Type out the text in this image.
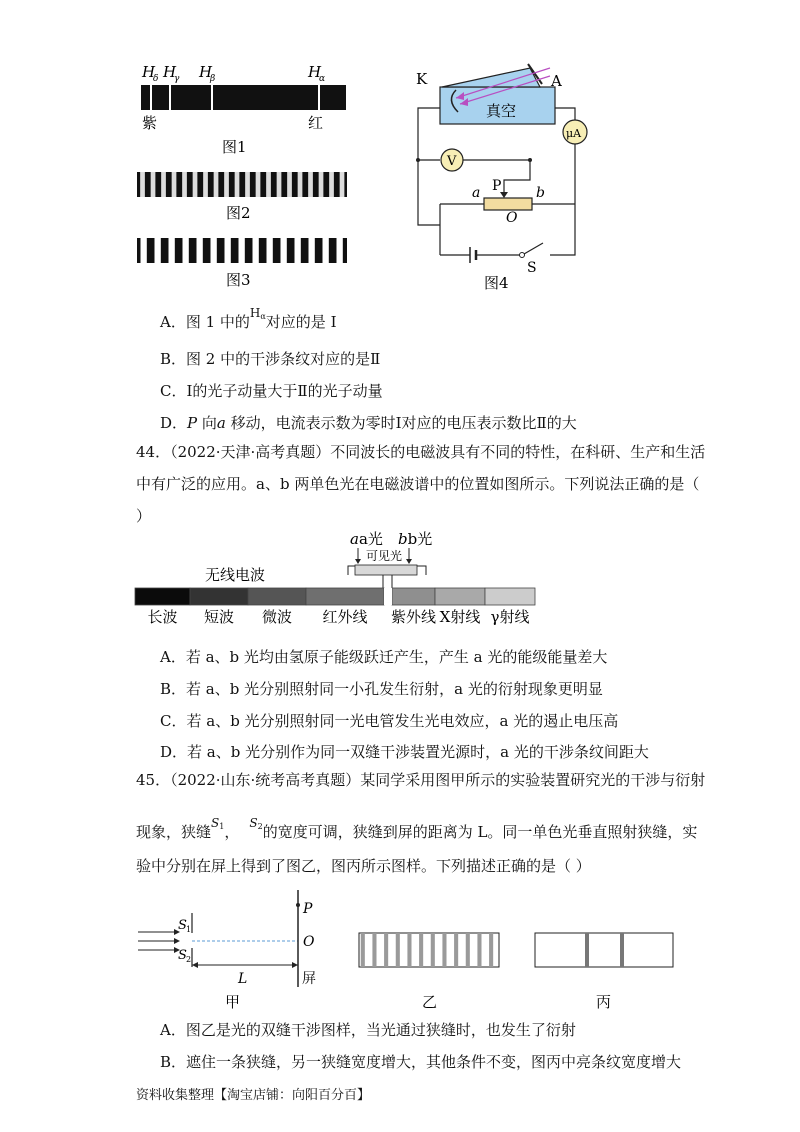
H
δ H
γ H
β	H
α
紫	红
图1
图2
图3
K	A
真空
μA
V
a P b
O
S
图4
A．图 1 中的$^{H\alpha}$对应的是 I
B．图 2 中的干涉条纹对应的是Ⅱ
C．Ⅰ的光子动量大于Ⅱ的光子动量
D．P 向a 移动，电流表示数为零时Ⅰ对应的电压表示数比Ⅱ的大
44．（2022·天津·高考真题）不同波长的电磁波具有不同的特性，在科研、生产和生活
中有广泛的应用。a、b 两单色光在电磁波谱中的位置如图所示。下列说法正确的是（
）
aa光 bb光
可见光
无线电波
长波 短波 微波 红外线 紫外线 X射线 γ射线
A．若 a、b 光均由氢原子能级跃迁产生，产生 a 光的能级能量差大
B．若 a、b 光分别照射同一小孔发生衍射，a 光的衍射现象更明显
C．若 a、b 光分别照射同一光电管发生光电效应，a 光的遏止电压高
D．若 a、b 光分别作为同一双缝干涉装置光源时，a 光的干涉条纹间距大
45．（2022·山东·统考高考真题）某同学采用图甲所示的实验装置研究光的干涉与衍射
现象，狭缝$^{S1}$， $^{S2}$的宽度可调，狭缝到屏的距离为 L。同一单色光垂直照射狭缝，实
验中分别在屏上得到了图乙，图丙所示图样。下列描述正确的是（ ）
S 1
S 2
P
O
屏
L
甲	乙	丙
A．图乙是光的双缝干涉图样，当光通过狭缝时，也发生了衍射
B．遮住一条狭缝，另一狭缝宽度增大，其他条件不变，图丙中亮条纹宽度增大
资料收集整理【淘宝店铺：向阳百分百】
